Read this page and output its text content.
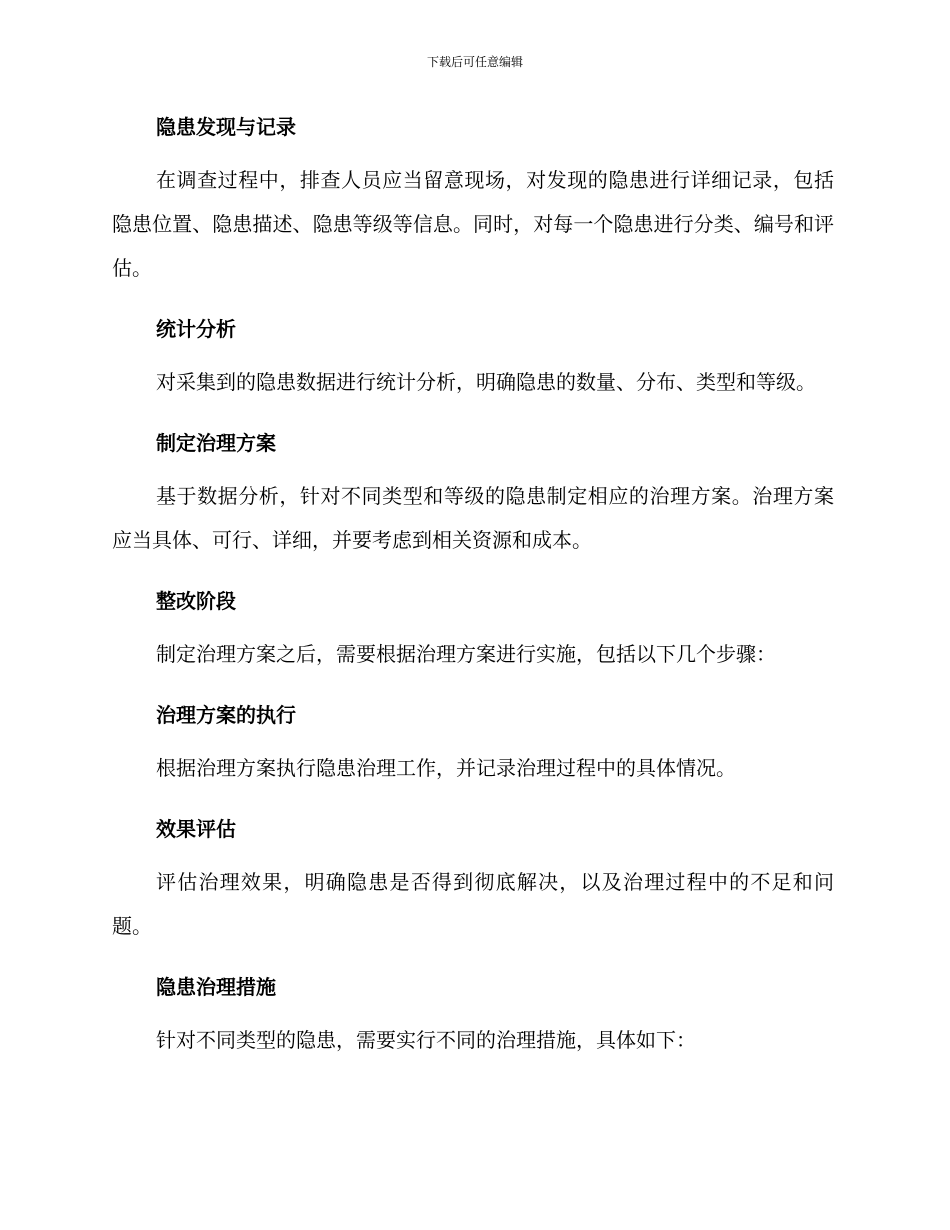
下载后可任意编辑
隐患发现与记录

在调查过程中，排查人员应当留意现场，对发现的隐患进行详细记录，包括隐患位置、隐患描述、隐患等级等信息。同时，对每一个隐患进行分类、编号和评估。

统计分析

对采集到的隐患数据进行统计分析，明确隐患的数量、分布、类型和等级。

制定治理方案

基于数据分析，针对不同类型和等级的隐患制定相应的治理方案。治理方案应当具体、可行、详细，并要考虑到相关资源和成本。

整改阶段

制定治理方案之后，需要根据治理方案进行实施，包括以下几个步骤：

治理方案的执行

根据治理方案执行隐患治理工作，并记录治理过程中的具体情况。

效果评估

评估治理效果，明确隐患是否得到彻底解决，以及治理过程中的不足和问题。

隐患治理措施

针对不同类型的隐患，需要实行不同的治理措施，具体如下：
